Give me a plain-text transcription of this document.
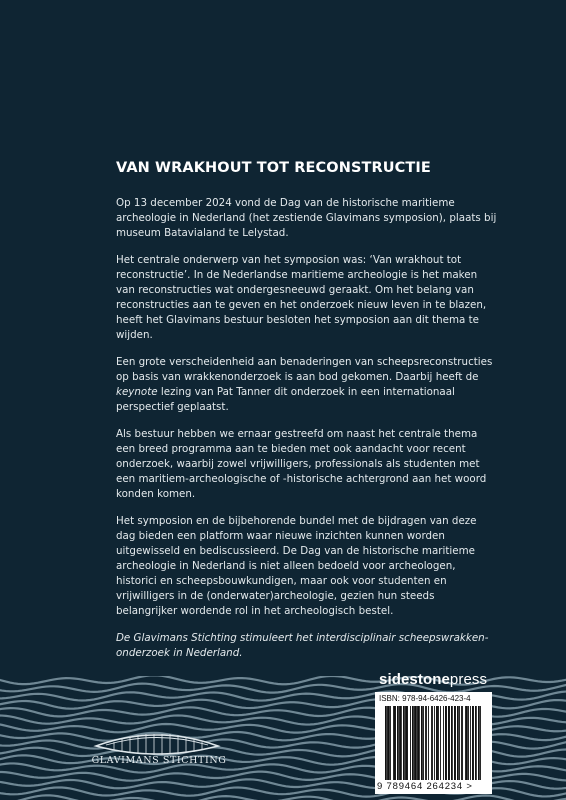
VAN WRAKHOUT TOT RECONSTRUCTIE

Op 13 december 2024 vond de Dag van de historische maritieme archeologie in Nederland (het zestiende Glavimans symposion), plaats bij museum Batavialand te Lelystad.

Het centrale onderwerp van het symposion was: ‘Van wrakhout tot reconstructie’. In de Nederlandse maritieme archeologie is het maken van reconstructies wat ondergesneeuwd geraakt. Om het belang van reconstructies aan te geven en het onderzoek nieuw leven in te blazen, heeft het Glavimans bestuur besloten het symposion aan dit thema te wijden.

Een grote verscheidenheid aan benaderingen van scheepsreconstructies op basis van wrakkenonderzoek is aan bod gekomen. Daarbij heeft de keynote lezing van Pat Tanner dit onderzoek in een internationaal perspectief geplaatst.

Als bestuur hebben we ernaar gestreefd om naast het centrale thema een breed programma aan te bieden met ook aandacht voor recent onderzoek, waarbij zowel vrijwilligers, professionals als studenten met een maritiem-archeologische of -historische achtergrond aan het woord konden komen.

Het symposion en de bijbehorende bundel met de bijdragen van deze dag bieden een platform waar nieuwe inzichten kunnen worden uitgewisseld en bediscussieerd. De Dag van de historische maritieme archeologie in Nederland is niet alleen bedoeld voor archeologen, historici en scheepsbouwkundigen, maar ook voor studenten en vrijwilligers in de (onderwater)archeologie, gezien hun steeds belangrijker wordende rol in het archeologisch bestel.

De Glavimans Stichting stimuleert het interdisciplinair scheepswrakkenonderzoek in Nederland.

GLAVIMANS STICHTING
sidestonepress
ISBN: 978-94-6426-423-4
9 789464 264234 >
